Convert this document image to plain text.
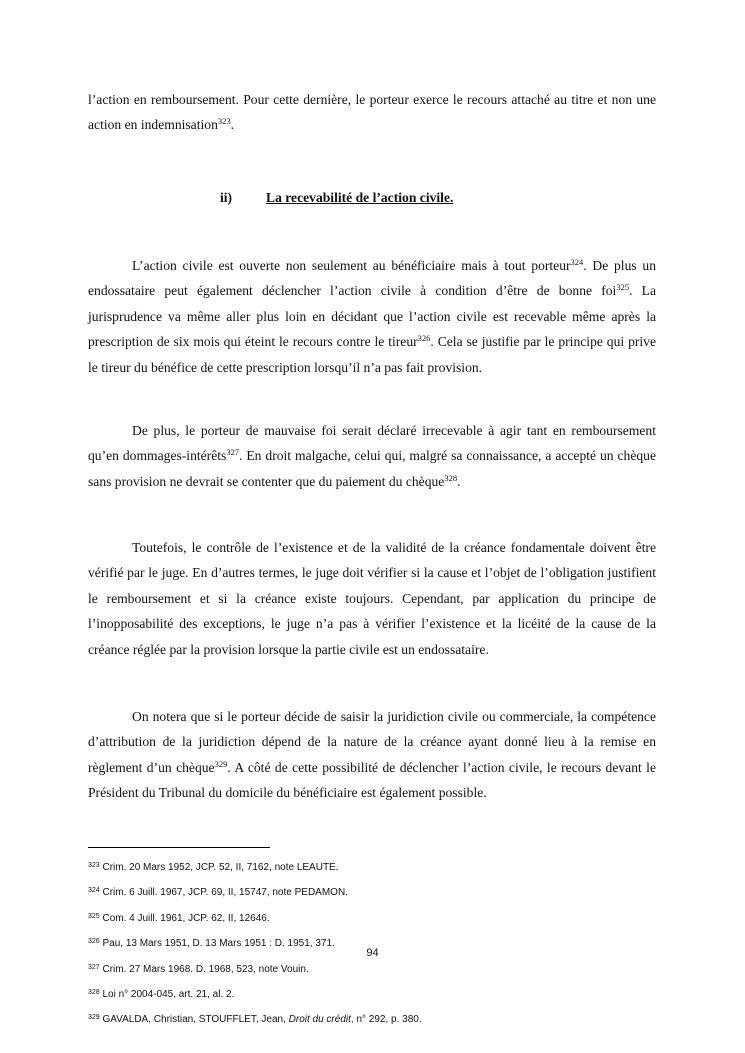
l’action en remboursement. Pour cette dernière, le porteur exerce le recours attaché au titre et non une action en indemnisation$^{323}$.

ii) La recevabilité de l’action civile.

L’action civile est ouverte non seulement au bénéficiaire mais à tout porteur$^{324}$. De plus un endossataire peut également déclencher l’action civile à condition d’être de bonne foi$^{325}$. La jurisprudence va même aller plus loin en décidant que l’action civile est recevable même après la prescription de six mois qui éteint le recours contre le tireur$^{326}$. Cela se justifie par le principe qui prive le tireur du bénéfice de cette prescription lorsqu’il n’a pas fait provision.

De plus, le porteur de mauvaise foi serait déclaré irrecevable à agir tant en remboursement qu’en dommages-intérêts$^{327}$. En droit malgache, celui qui, malgré sa connaissance, a accepté un chèque sans provision ne devrait se contenter que du paiement du chèque$^{328}$.

Toutefois, le contrôle de l’existence et de la validité de la créance fondamentale doivent être vérifié par le juge. En d’autres termes, le juge doit vérifier si la cause et l’objet de l’obligation justifient le remboursement et si la créance existe toujours. Cependant, par application du principe de l’inopposabilité des exceptions, le juge n’a pas à vérifier l’existence et la licéité de la cause de la créance réglée par la provision lorsque la partie civile est un endossataire.

On notera que si le porteur décide de saisir la juridiction civile ou commerciale, la compétence d’attribution de la juridiction dépend de la nature de la créance ayant donné lieu à la remise en règlement d’un chèque$^{329}$. A côté de cette possibilité de déclencher l’action civile, le recours devant le Président du Tribunal du domicile du bénéficiaire est également possible.

$^{323}$ Crim. 20 Mars 1952, JCP. 52, II, 7162, note LEAUTE.

$^{324}$ Crim. 6 Juill. 1967, JCP. 69, II, 15747, note PEDAMON.

$^{325}$ Com. 4 Juill. 1961, JCP. 62, II, 12646.

$^{326}$ Pau, 13 Mars 1951, D. 13 Mars 1951 : D. 1951, 371.

$^{327}$ Crim. 27 Mars 1968. D. 1968, 523, note Vouin.

$^{328}$ Loi n° 2004-045, art. 21, al. 2.

$^{329}$ GAVALDA, Christian, STOUFFLET, Jean, Droit du crédit, n° 292, p. 380.

94
